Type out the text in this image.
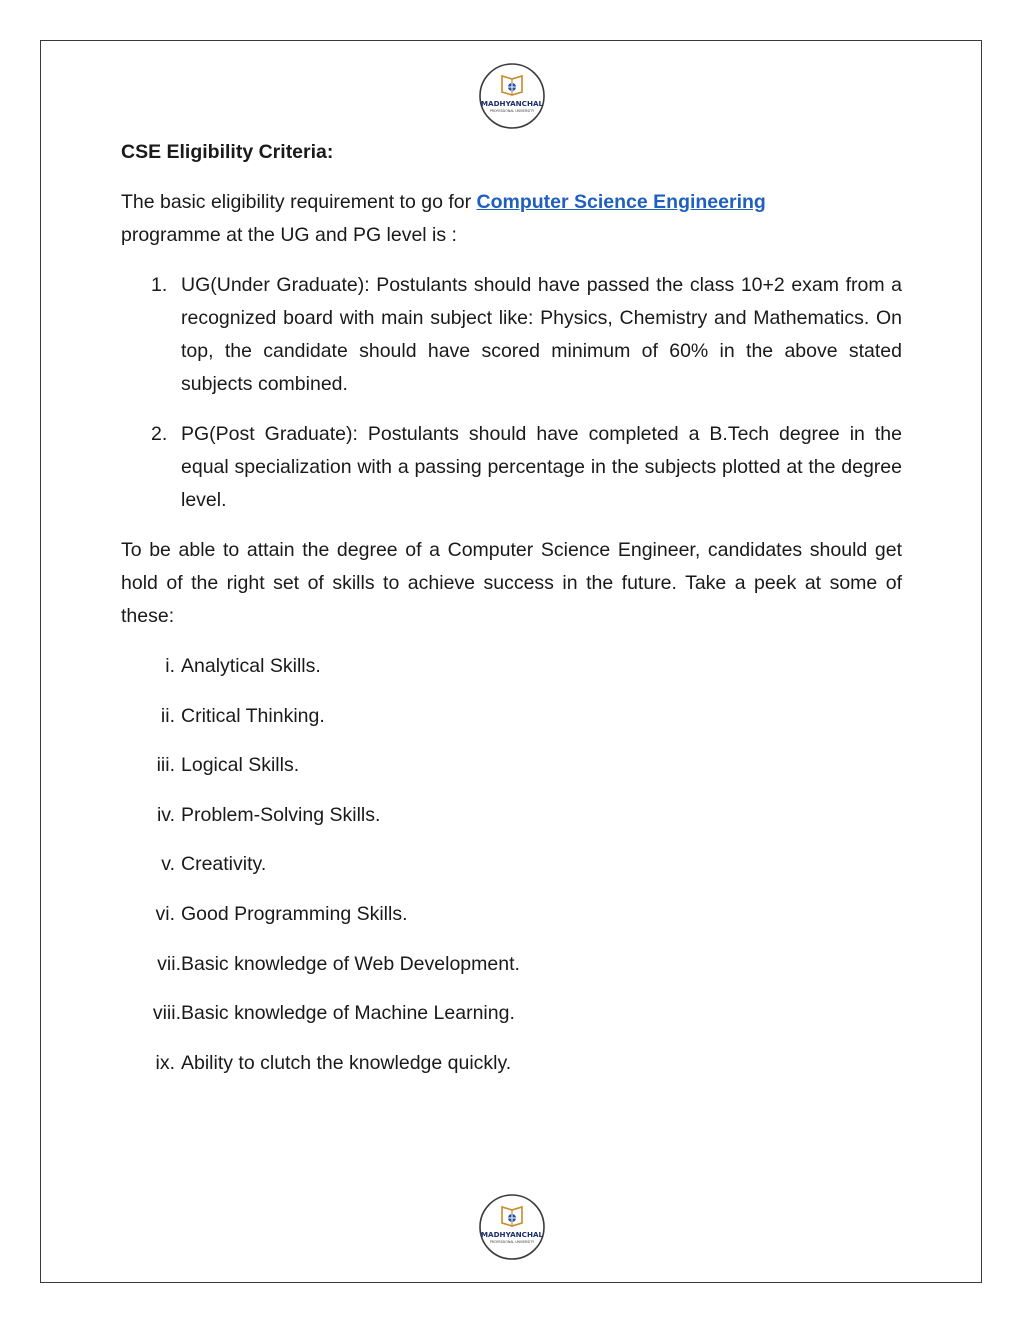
MADHYANCHAL
PROFESSIONAL UNIVERSITY

CSE Eligibility Criteria:

The basic eligibility requirement to go for Computer Science Engineering
programme at the UG and PG level is :

1. UG(Under Graduate): Postulants should have passed the class 10+2 exam from a recognized board with main subject like: Physics, Chemistry and Mathematics. On top, the candidate should have scored minimum of 60% in the above stated subjects combined.
2. PG(Post Graduate): Postulants should have completed a B.Tech degree in the equal specialization with a passing percentage in the subjects plotted at the degree level.

To be able to attain the degree of a Computer Science Engineer, candidates should get hold of the right set of skills to achieve success in the future. Take a peek at some of these:

i. Analytical Skills.
ii. Critical Thinking.
iii. Logical Skills.
iv. Problem-Solving Skills.
v. Creativity.
vi. Good Programming Skills.
vii. Basic knowledge of Web Development.
viii. Basic knowledge of Machine Learning.
ix. Ability to clutch the knowledge quickly.
MADHYANCHAL
PROFESSIONAL UNIVERSITY
